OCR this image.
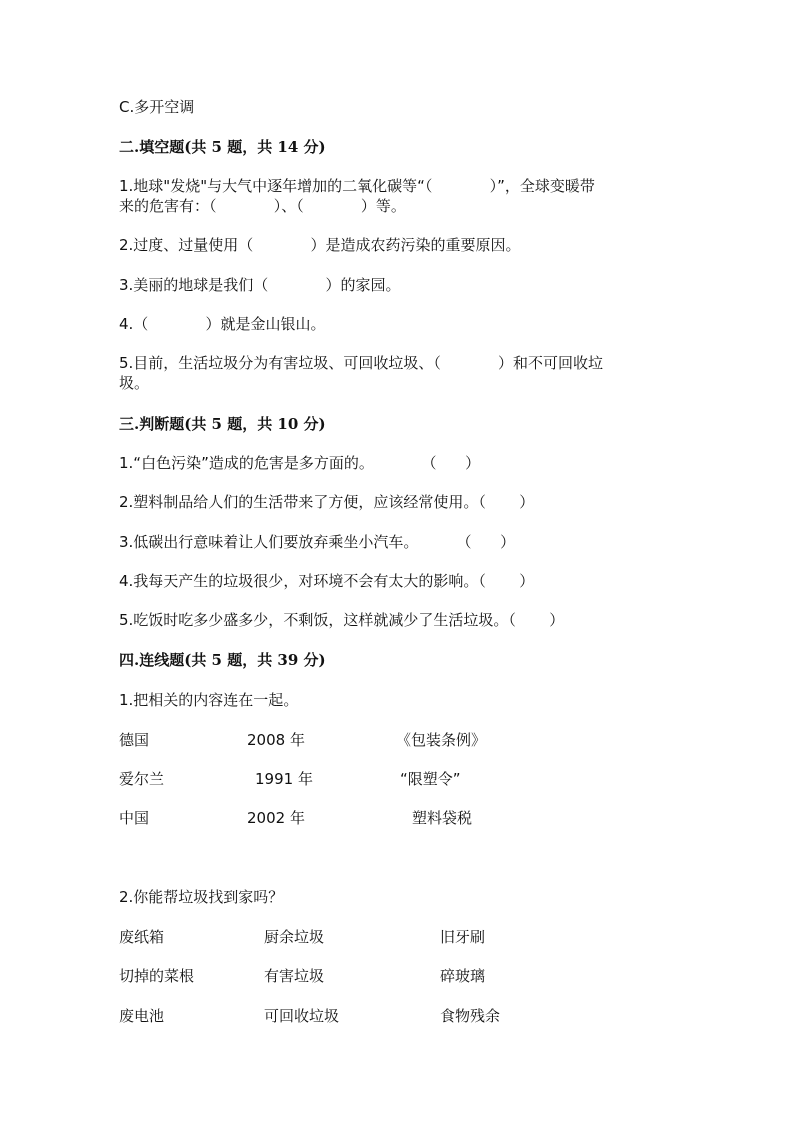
C.多开空调
二.填空题(共 5 题，共 14 分)
1.地球"发烧"与大气中逐年增加的二氧化碳等“（            ）”，全球变暖带
来的危害有：（            ）、（            ）等。
2.过度、过量使用（            ）是造成农药污染的重要原因。
3.美丽的地球是我们（            ）的家园。
4.（            ）就是金山银山。
5.目前，生活垃圾分为有害垃圾、可回收垃圾、（            ）和不可回收垃
圾。
三.判断题(共 5 题，共 10 分)
1.“白色污染”造成的危害是多方面的。          （      ）
2.塑料制品给人们的生活带来了方便，应该经常使用。（       ）
3.低碳出行意味着让人们要放弃乘坐小汽车。        （      ）
4.我每天产生的垃圾很少，对环境不会有太大的影响。（       ）
5.吃饭时吃多少盛多少，不剩饭，这样就减少了生活垃圾。（       ）
四.连线题(共 5 题，共 39 分)
1.把相关的内容连在一起。
德国	2008 年	《包装条例》
爱尔兰	1991 年	“限塑令”
中国	2002 年	塑料袋税
2.你能帮垃圾找到家吗？
废纸箱	厨余垃圾	旧牙刷
切掉的菜根	有害垃圾	碎玻璃
废电池	可回收垃圾	食物残余
